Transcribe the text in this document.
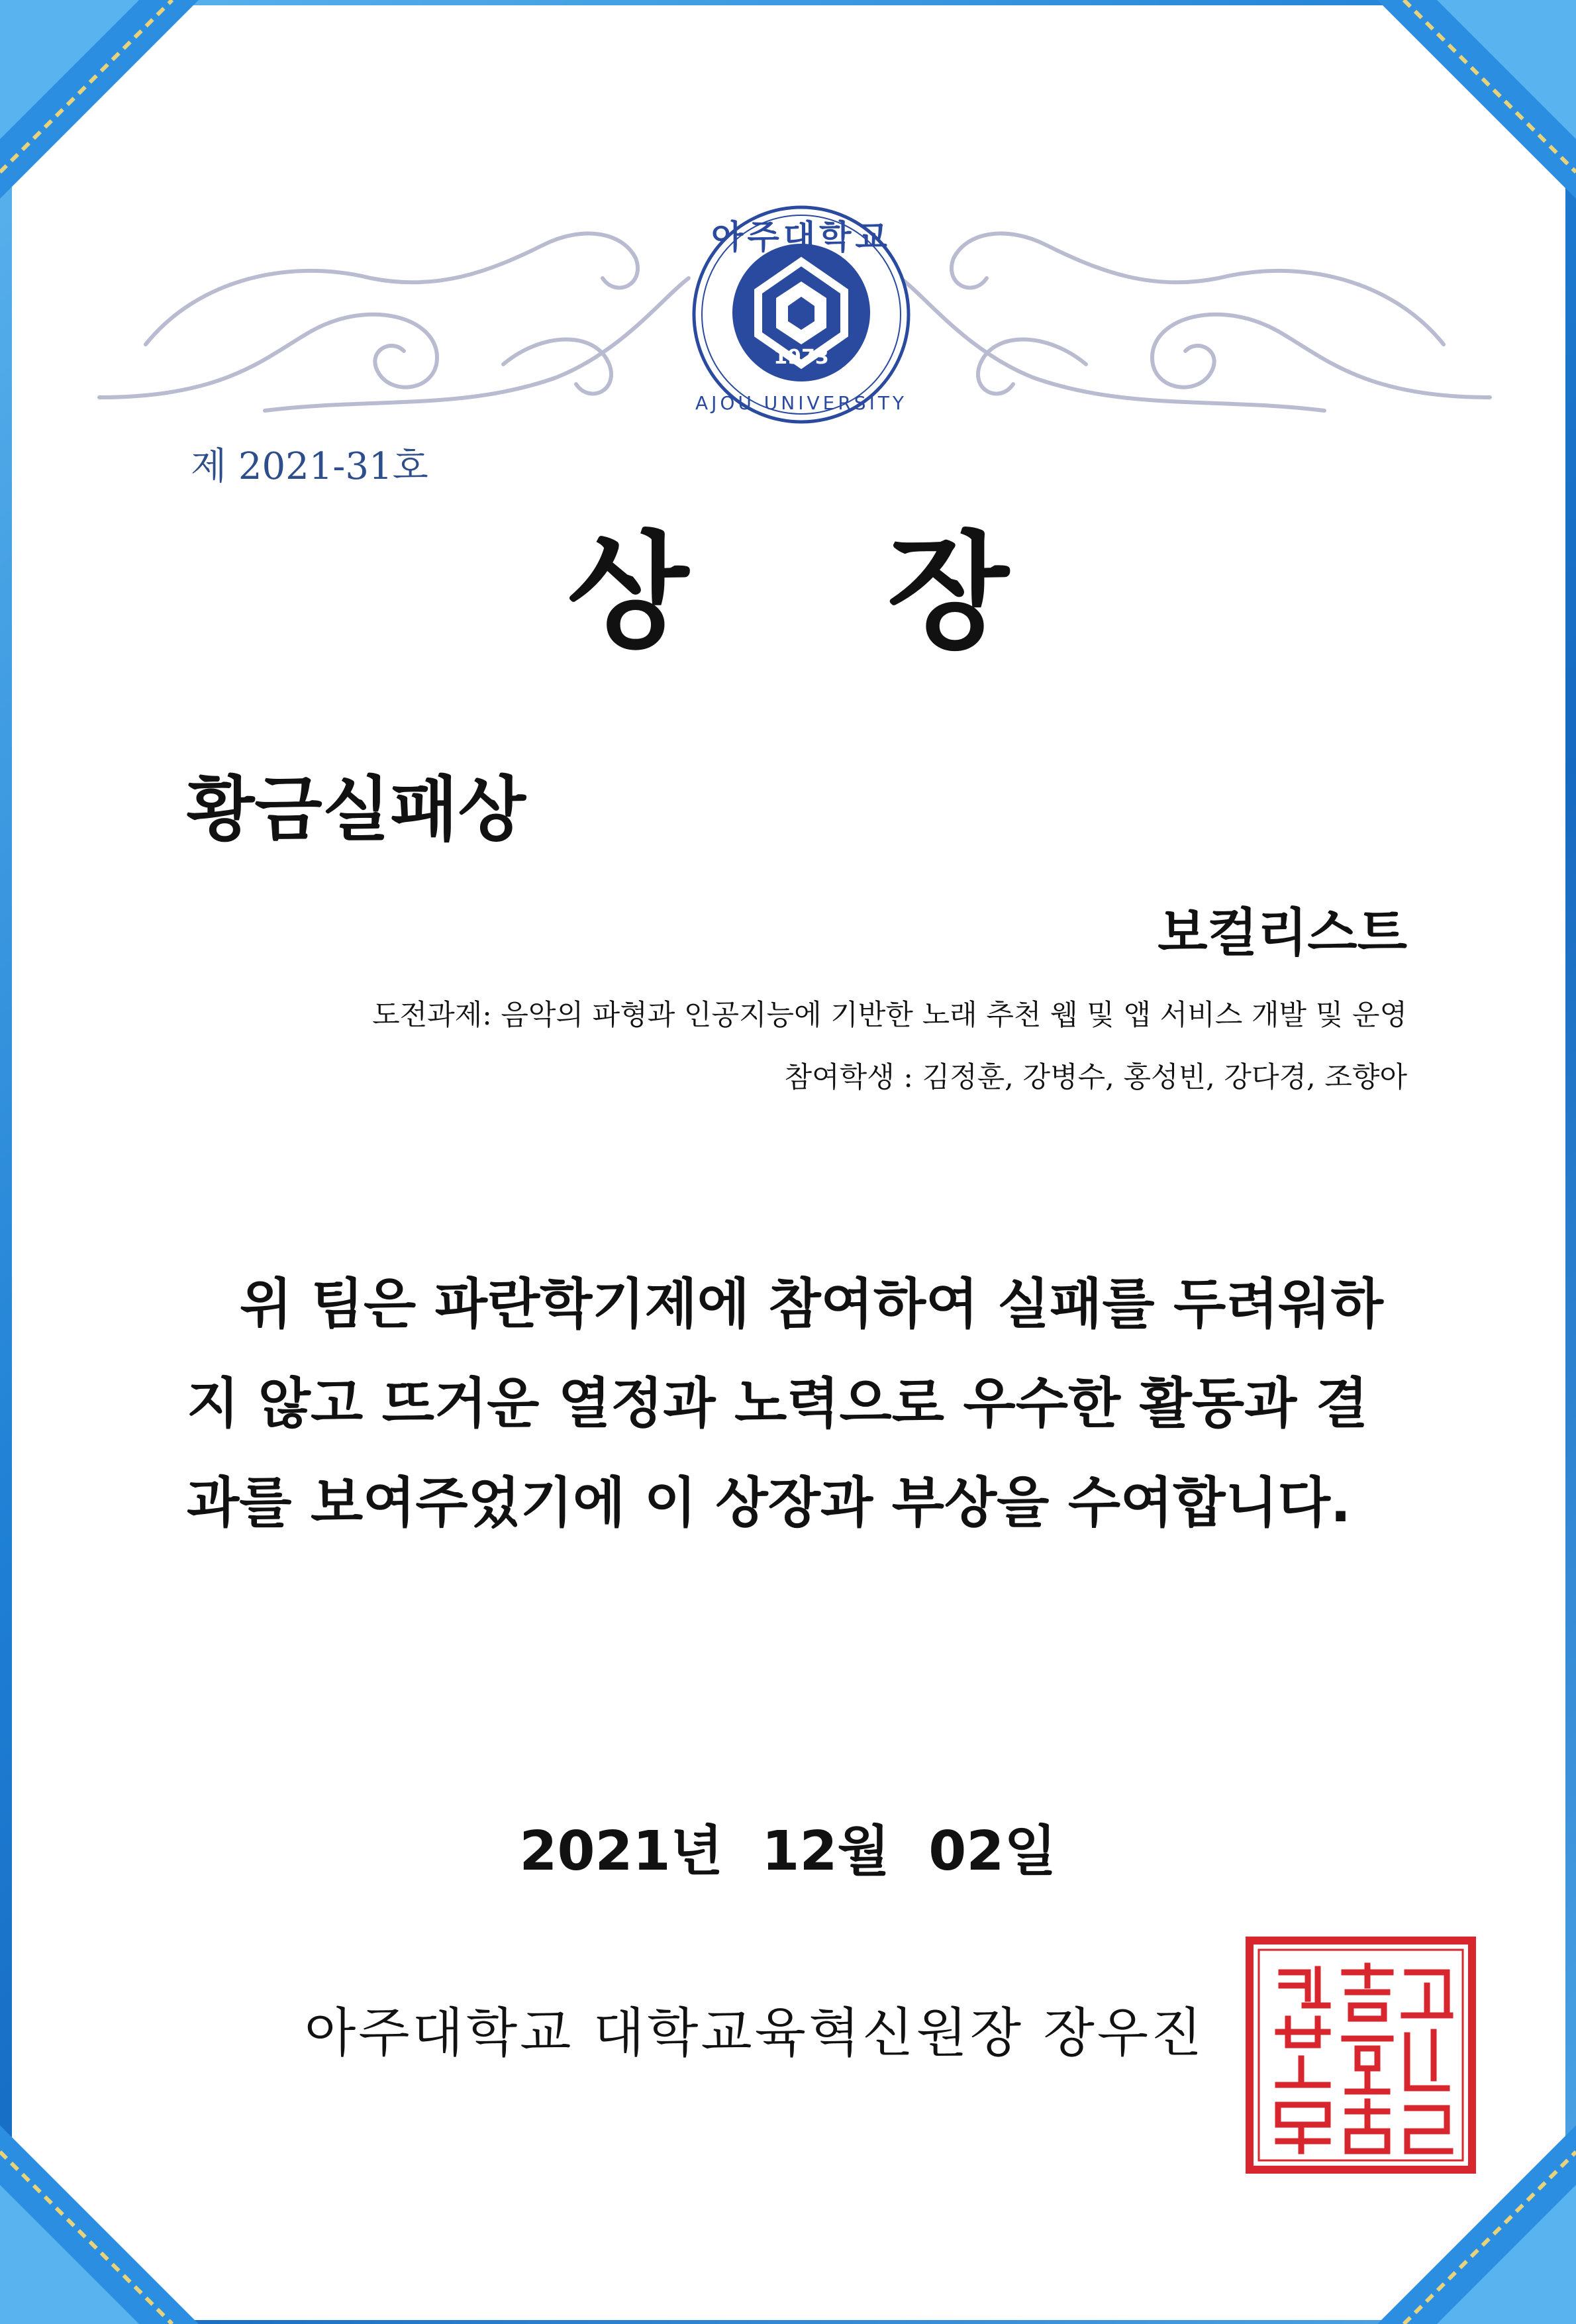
아주대학교
1973
AJOU UNIVERSITY
제 2021-31호
상장
황금실패상
보컬리스트
도전과제: 음악의 파형과 인공지능에 기반한 노래 추천 웹 및 앱 서비스 개발 및 운영
참여학생 : 김정훈, 강병수, 홍성빈, 강다경, 조향아
위 팀은 파란학기제에 참여하여 실패를 두려워하
지 않고 뜨거운 열정과 노력으로 우수한 활동과 결
과를 보여주었기에 이 상장과 부상을 수여합니다.
2021년 12월 02일
아주대학교 대학교육혁신원장 장우진
